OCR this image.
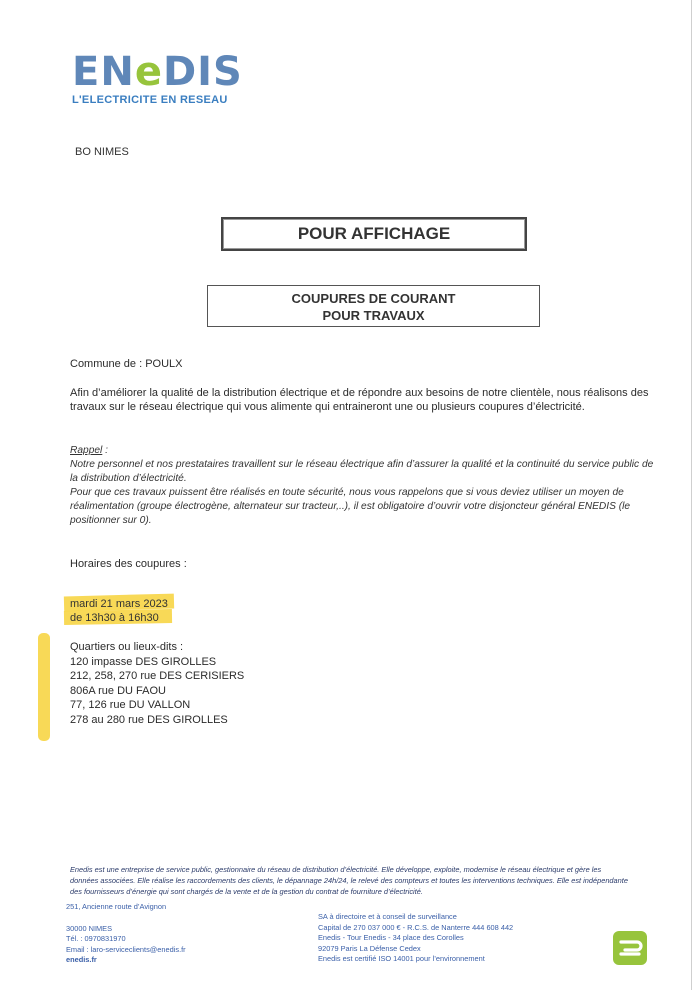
ENeDIS
L'ELECTRICITE EN RESEAU
BO NIMES
POUR AFFICHAGE
COUPURES DE COURANT
POUR TRAVAUX
Commune de : POULX
Afin d’améliorer la qualité de la distribution électrique et de répondre aux besoins de notre clientèle, nous réalisons des travaux sur le réseau électrique qui vous alimente qui entraineront une ou plusieurs coupures d’électricité.
Rappel :
Notre personnel et nos prestataires travaillent sur le réseau électrique afin d’assurer la qualité et la continuité du service public de la distribution d’électricité.
Pour que ces travaux puissent être réalisés en toute sécurité, nous vous rappelons que si vous deviez utiliser un moyen de réalimentation (groupe électrogène, alternateur sur tracteur,..), il est obligatoire d’ouvrir votre disjoncteur général ENEDIS (le positionner sur 0).
Horaires des coupures :
mardi 21 mars 2023
de 13h30 à 16h30
Quartiers ou lieux-dits :
120 impasse DES GIROLLES
212, 258, 270 rue DES CERISIERS
806A rue DU FAOU
77, 126 rue DU VALLON
278 au 280 rue DES GIROLLES
Enedis est une entreprise de service public, gestionnaire du réseau de distribution d’électricité. Elle développe, exploite, modernise le réseau électrique et gère les données associées. Elle réalise les raccordements des clients, le dépannage 24h/24, le relevé des compteurs et toutes les interventions techniques. Elle est indépendante des fournisseurs d’énergie qui sont chargés de la vente et de la gestion du contrat de fourniture d’électricité.
251, Ancienne route d’Avignon
30000 NIMES
Tél. : 0970831970
Email : laro-serviceclients@enedis.fr
enedis.fr
SA à directoire et à conseil de surveillance
Capital de 270 037 000 € - R.C.S. de Nanterre 444 608 442
Enedis - Tour Enedis - 34 place des Corolles
92079 Paris La Défense Cedex
Enedis est certifié ISO 14001 pour l’environnement
